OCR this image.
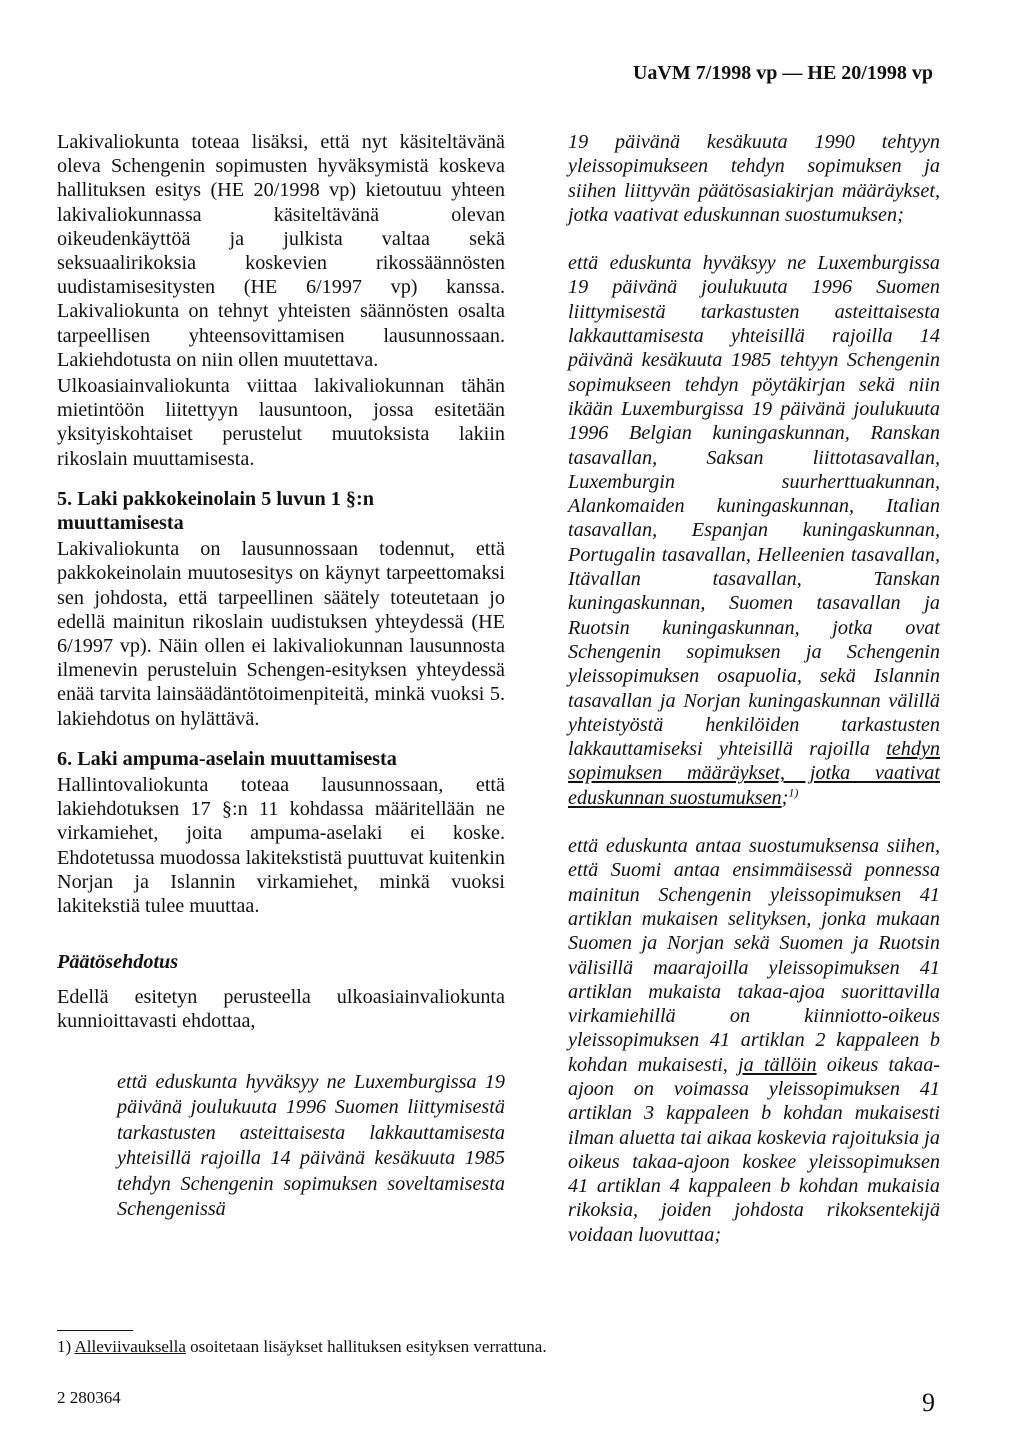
UaVM 7/1998 vp — HE 20/1998 vp

Lakivaliokunta toteaa lisäksi, että nyt käsiteltävänä oleva Schengenin sopimusten hyväksymistä koskeva hallituksen esitys (HE 20/1998 vp) kietoutuu yhteen lakivaliokunnassa käsiteltävänä olevan oikeudenkäyttöä ja julkista valtaa sekä seksuaalirikoksia koskevien rikossäännösten uudistamisesitysten (HE 6/1997 vp) kanssa. Lakivaliokunta on tehnyt yhteisten säännösten osalta tarpeellisen yhteensovittamisen lausunnossaan. Lakiehdotusta on niin ollen muutettava.

Ulkoasiainvaliokunta viittaa lakivaliokunnan tähän mietintöön liitettyyn lausuntoon, jossa esitetään yksityiskohtaiset perustelut muutoksista lakiin rikoslain muuttamisesta.

5. Laki pakkokeinolain 5 luvun 1 §:n muuttamisesta

Lakivaliokunta on lausunnossaan todennut, että pakkokeinolain muutosesitys on käynyt tarpeettomaksi sen johdosta, että tarpeellinen säätely toteutetaan jo edellä mainitun rikoslain uudistuksen yhteydessä (HE 6/1997 vp). Näin ollen ei lakivaliokunnan lausunnosta ilmenevin perusteluin Schengen-esityksen yhteydessä enää tarvita lainsäädäntötoimenpiteitä, minkä vuoksi 5. lakiehdotus on hylättävä.

6. Laki ampuma-aselain muuttamisesta

Hallintovaliokunta toteaa lausunnossaan, että lakiehdotuksen 17 §:n 11 kohdassa määritellään ne virkamiehet, joita ampuma-aselaki ei koske. Ehdotetussa muodossa lakitekstistä puuttuvat kuitenkin Norjan ja Islannin virkamiehet, minkä vuoksi lakitekstiä tulee muuttaa.

Päätösehdotus

Edellä esitetyn perusteella ulkoasiainvaliokunta kunnioittavasti ehdottaa,

että eduskunta hyväksyy ne Luxemburgissa 19 päivänä joulukuuta 1996 Suomen liittymisestä tarkastusten asteittaisesta lakkauttamisesta yhteisillä rajoilla 14 päivänä kesäkuuta 1985 tehdyn Schengenin sopimuksen soveltamisesta Schengenissä

19 päivänä kesäkuuta 1990 tehtyyn yleissopimukseen tehdyn sopimuksen ja siihen liittyvän päätösasiakirjan määräykset, jotka vaativat eduskunnan suostumuksen;

että eduskunta hyväksyy ne Luxemburgissa 19 päivänä joulukuuta 1996 Suomen liittymisestä tarkastusten asteittaisesta lakkauttamisesta yhteisillä rajoilla 14 päivänä kesäkuuta 1985 tehtyyn Schengenin sopimukseen tehdyn pöytäkirjan sekä niin ikään Luxemburgissa 19 päivänä joulukuuta 1996 Belgian kuningaskunnan, Ranskan tasavallan, Saksan liittotasavallan, Luxemburgin suurherttuakunnan, Alankomaiden kuningaskunnan, Italian tasavallan, Espanjan kuningaskunnan, Portugalin tasavallan, Helleenien tasavallan, Itävallan tasavallan, Tanskan kuningaskunnan, Suomen tasavallan ja Ruotsin kuningaskunnan, jotka ovat Schengenin sopimuksen ja Schengenin yleissopimuksen osapuolia, sekä Islannin tasavallan ja Norjan kuningaskunnan välillä yhteistyöstä henkilöiden tarkastusten lakkauttamiseksi yhteisillä rajoilla tehdyn sopimuksen määräykset, jotka vaativat eduskunnan suostumuksen;$^{1)}$

että eduskunta antaa suostumuksensa siihen, että Suomi antaa ensimmäisessä ponnessa mainitun Schengenin yleissopimuksen 41 artiklan mukaisen selityksen, jonka mukaan Suomen ja Norjan sekä Suomen ja Ruotsin välisillä maarajoilla yleissopimuksen 41 artiklan mukaista takaa-ajoa suorittavilla virkamiehillä on kiinniotto-oikeus yleissopimuksen 41 artiklan 2 kappaleen b kohdan mukaisesti, ja tällöin oikeus takaa-ajoon on voimassa yleissopimuksen 41 artiklan 3 kappaleen b kohdan mukaisesti ilman aluetta tai aikaa koskevia rajoituksia ja oikeus takaa-ajoon koskee yleissopimuksen 41 artiklan 4 kappaleen b kohdan mukaisia rikoksia, joiden johdosta rikoksentekijä voidaan luovuttaa;

1) Alleviivauksella osoitetaan lisäykset hallituksen esityksen verrattuna.
2 280364	9
